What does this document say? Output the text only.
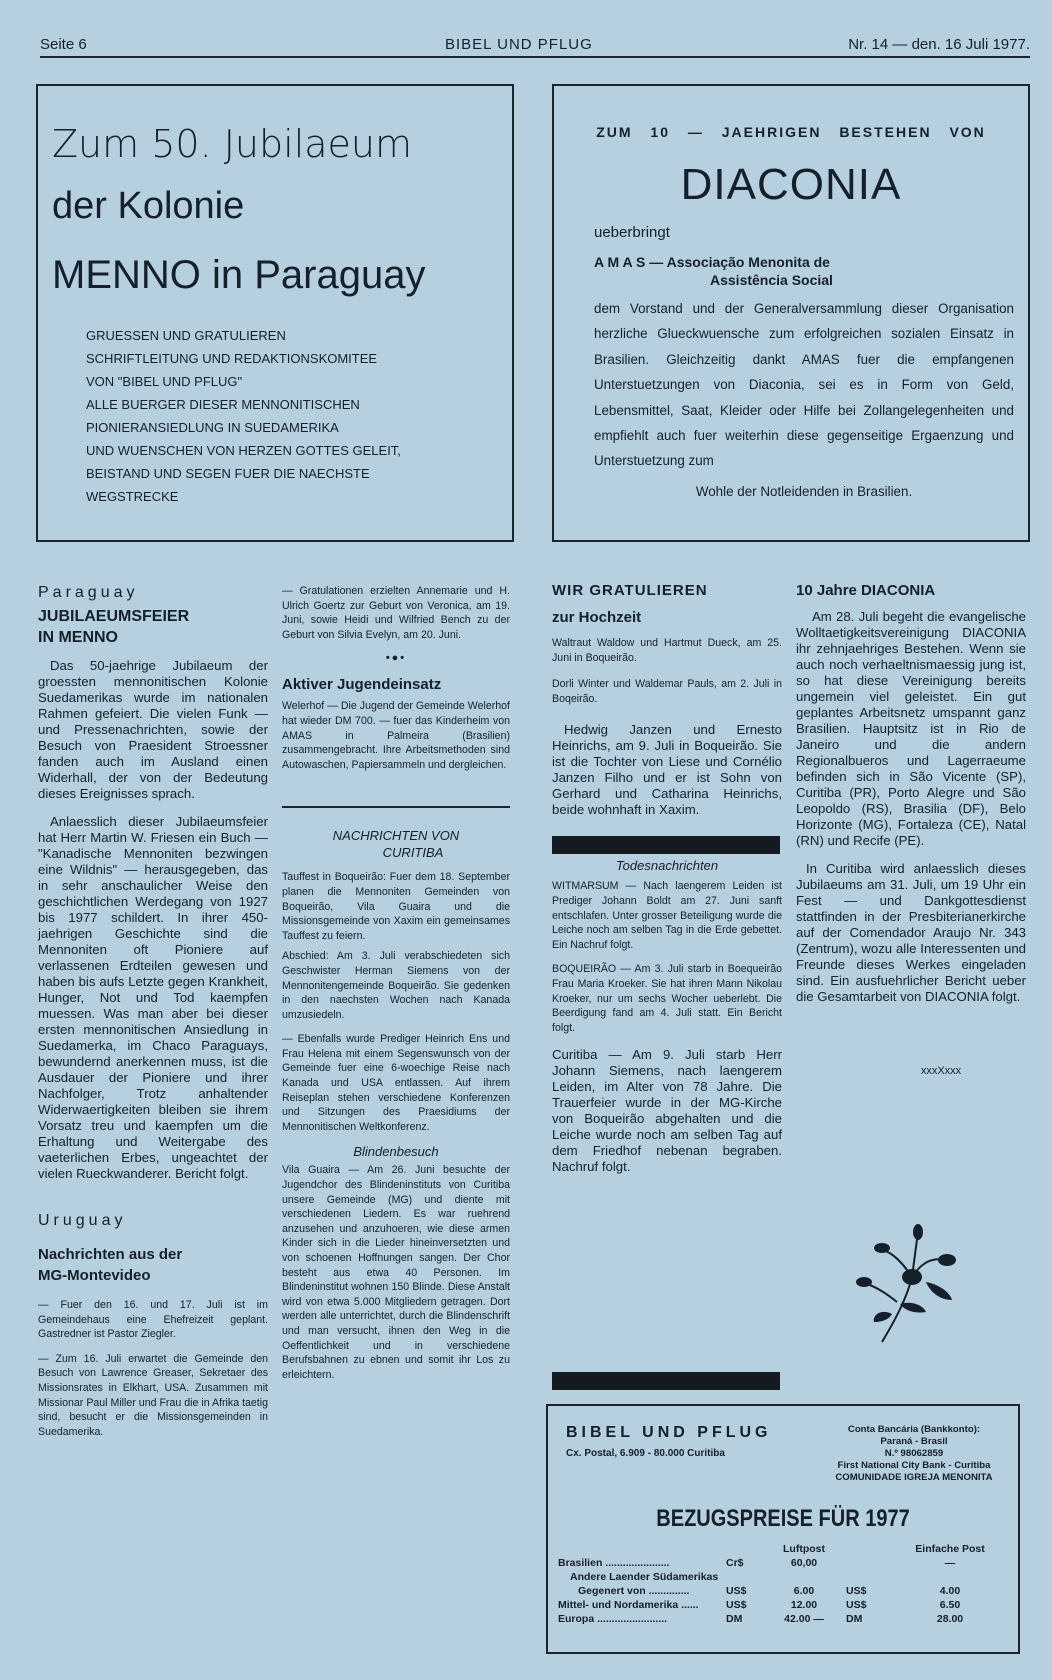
Seite 6	BIBEL UND PFLUG	Nr. 14 — den. 16 Juli 1977.
Zum 50. Jubilaeum
der Kolonie
MENNO in Paraguay
GRUESSEN UND GRATULIEREN
SCHRIFTLEITUNG UND REDAKTIONSKOMITEE
VON "BIBEL UND PFLUG"
ALLE BUERGER DIESER MENNONITISCHEN
PIONIERANSIEDLUNG IN SUEDAMERIKA
UND WUENSCHEN VON HERZEN GOTTES GELEIT,
BEISTAND UND SEGEN FUER DIE NAECHSTE
WEGSTRECKE
ZUM 10 — JAEHRIGEN BESTEHEN VON
DIACONIA
ueberbringt
A M A S — Associação Menonita de
Assistência Social
dem Vorstand und der Generalversammlung dieser Organisation herzliche Glueckwuensche zum erfolgreichen sozialen Einsatz in Brasilien. Gleichzeitig dankt AMAS fuer die empfangenen Unterstuetzungen von Diaconia, sei es in Form von Geld, Lebensmittel, Saat, Kleider oder Hilfe bei Zollangelegenheiten und empfiehlt auch fuer weiterhin diese gegenseitige Ergaenzung und Unterstuetzung zum
Wohle der Notleidenden in Brasilien.
Paraguay
JUBILAEUMSFEIER
IN MENNO

Das 50-jaehrige Jubilaeum der groessten mennonitischen Kolonie Suedamerikas wurde im nationalen Rahmen gefeiert. Die vielen Funk — und Pressenachrichten, sowie der Besuch von Praesident Stroessner fanden auch im Ausland einen Widerhall, der von der Bedeutung dieses Ereignisses sprach.

Anlaesslich dieser Jubilaeumsfeier hat Herr Martin W. Friesen ein Buch — "Kanadische Mennoniten bezwingen eine Wildnis" — herausgegeben, das in sehr anschaulicher Weise den geschichtlichen Werdegang von 1927 bis 1977 schildert. In ihrer 450-jaehrigen Geschichte sind die Mennoniten oft Pioniere auf verlassenen Erdteilen gewesen und haben bis aufs Letzte gegen Krankheit, Hunger, Not und Tod kaempfen muessen. Was man aber bei dieser ersten mennonitischen Ansiedlung in Suedamerka, im Chaco Paraguays, bewundernd anerkennen muss, ist die Ausdauer der Pioniere und ihrer Nachfolger, Trotz anhaltender Widerwaertigkeiten bleiben sie ihrem Vorsatz treu und kaempfen um die Erhaltung und Weitergabe des vaeterlichen Erbes, ungeachtet der vielen Rueckwanderer. Bericht folgt.

Uruguay
Nachrichten aus der
MG-Montevideo
— Fuer den 16. und 17. Juli ist im Gemeindehaus eine Ehefreizeit geplant. Gastredner ist Pastor Ziegler.
— Zum 16. Juli erwartet die Gemeinde den Besuch von Lawrence Greaser, Sekretaer des Missionsrates in Elkhart, USA. Zusammen mit Missionar Paul Miller und Frau die in Afrika taetig sind, besucht er die Missionsgemeinden in Suedamerika.
— Gratulationen erzielten Annemarie und H. Ulrich Goertz zur Geburt von Veronica, am 19. Juni, sowie Heidi und Wilfried Bench zu der Geburt von Silvia Evelyn, am 20. Juni.
•●•
Aktiver Jugendeinsatz
Welerhof — Die Jugend der Gemeinde Welerhof hat wieder DM 700. — fuer das Kinderheim von AMAS in Palmeira (Brasilien) zusammengebracht. Ihre Arbeitsmethoden sind Autowaschen, Papiersammeln und dergleichen.
NACHRICHTEN VON
CURITIBA
Tauffest in Boqueirão: Fuer dem 18. September planen die Mennoniten Gemeinden von Boqueirão, Vila Guaira und die Missionsgemeinde von Xaxim ein gemeinsames Tauffest zu feiern.
Abschied: Am 3. Juli verabschiedeten sich Geschwister Herman Siemens von der Mennonitengemeinde Boqueirão. Sie gedenken in den naechsten Wochen nach Kanada umzusiedeln.
— Ebenfalls wurde Prediger Heinrich Ens und Frau Helena mit einem Segenswunsch von der Gemeinde fuer eine 6-woechige Reise nach Kanada und USA entlassen. Auf ihrem Reiseplan stehen verschiedene Konferenzen und Sitzungen des Praesidiums der Mennonitischen Weltkonferenz.
Blindenbesuch
Vila Guaira — Am 26. Juni besuchte der Jugendchor des Blindeninstituts von Curitiba unsere Gemeinde (MG) und diente mit verschiedenen Liedern. Es war ruehrend anzusehen und anzuhoeren, wie diese armen Kinder sich in die Lieder hineinversetzten und von schoenen Hoffnungen sangen. Der Chor besteht aus etwa 40 Personen. Im Blindeninstitut wohnen 150 Blinde. Diese Anstalt wird von etwa 5.000 Mitgliedern getragen. Dort werden alle unterrichtet, durch die Blindenschrift und man versucht, ihnen den Weg in die Oeffentlichkeit und in verschiedene Berufsbahnen zu ebnen und somit ihr Los zu erleichtern.
WIR GRATULIEREN
zur Hochzeit
Waltraut Waldow und Hartmut Dueck, am 25. Juni in Boqueirão.
Dorli Winter und Waldemar Pauls, am 2. Juli in Boqeirão.

Hedwig Janzen und Ernesto Heinrichs, am 9. Juli in Boqueirão. Sie ist die Tochter von Liese und Cornélio Janzen Filho und er ist Sohn von Gerhard und Catharina Heinrichs, beide wohnhaft in Xaxim.

Todesnachrichten
WITMARSUM — Nach laengerem Leiden ist Prediger Johann Boldt am 27. Juni sanft entschlafen. Unter grosser Beteiligung wurde die Leiche noch am selben Tag in die Erde gebettet. Ein Nachruf folgt.
BOQUEIRÃO — Am 3. Juli starb in Boequeirão Frau Maria Kroeker. Sie hat ihren Mann Nikolau Kroeker, nur um sechs Wocher ueberlebt. Die Beerdigung fand am 4. Juli statt. Ein Bericht folgt.

Curitiba — Am 9. Juli starb Herr Johann Siemens, nach laengerem Leiden, im Alter von 78 Jahre. Die Trauerfeier wurde in der MG-Kirche von Boqueirão abgehalten und die Leiche wurde noch am selben Tag auf dem Friedhof nebenan begraben. Nachruf folgt.

10 Jahre DIACONIA

Am 28. Juli begeht die evangelische Wolltaetigkeitsvereinigung DIACONIA ihr zehnjaehriges Bestehen. Wenn sie auch noch verhaeltnismaessig jung ist, so hat diese Vereinigung bereits ungemein viel geleistet. Ein gut geplantes Arbeitsnetz umspannt ganz Brasilien. Hauptsitz ist in Rio de Janeiro und die andern Regionalbueros und Lagerraeume befinden sich in São Vicente (SP), Curitiba (PR), Porto Alegre und São Leopoldo (RS), Brasilia (DF), Belo Horizonte (MG), Fortaleza (CE), Natal (RN) und Recife (PE).

In Curitiba wird anlaesslich dieses Jubilaeums am 31. Juli, um 19 Uhr ein Fest — und Dankgottesdienst stattfinden in der Presbiterianerkirche auf der Comendador Araujo Nr. 343 (Zentrum), wozu alle Interessenten und Freunde dieses Werkes eingeladen sind. Ein ausfuehrlicher Bericht ueber die Gesamtarbeit von DIACONIA folgt.

xxxXxxx
BIBEL UND PFLUG
Cx. Postal, 6.909 - 80.000 Curitiba
Conta Bancária (Bankkonto):
Paraná - Brasil
N.º 98062859
First National City Bank - Curitiba
COMUNIDADE IGREJA MENONITA
BEZUGSPREISE FÜR 1977
		Luftpost		Einfache Post
Brasilien ......................	Cr$	60,00		—
Andere Laender Südamerikas				
Gegenert von ..............	US$	6.00	US$	4.00
Mittel- und Nordamerika ......	US$	12.00	US$	6.50
Europa ........................	DM	42.00 —	DM	28.00
